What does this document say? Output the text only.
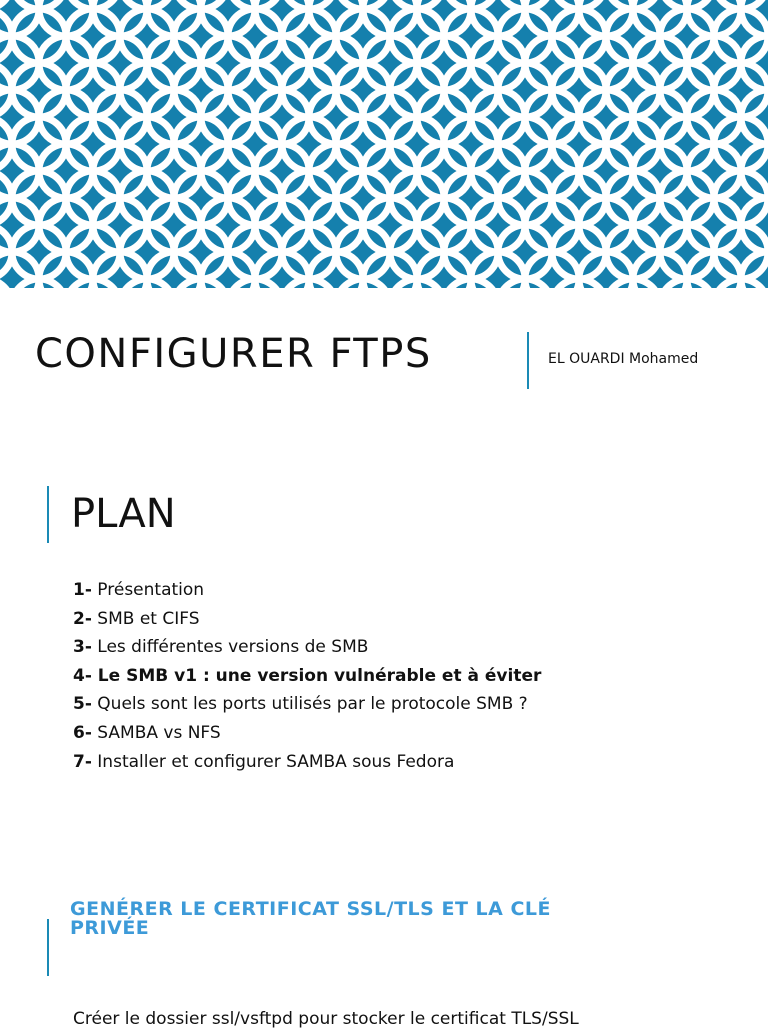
CONFIGURER FTPS	EL OUARDI Mohamed
PLAN
1- Présentation
2- SMB et CIFS
3- Les différentes versions de SMB
4- Le SMB v1 : une version vulnérable et à éviter
5- Quels sont les ports utilisés par le protocole SMB ?
6- SAMBA vs NFS
7- Installer et configurer SAMBA sous Fedora
GENÉRER LE CERTIFICAT SSL/TLS ET LA CLÉ PRIVÉE
Créer le dossier ssl/vsftpd pour stocker le certificat TLS/SSL
